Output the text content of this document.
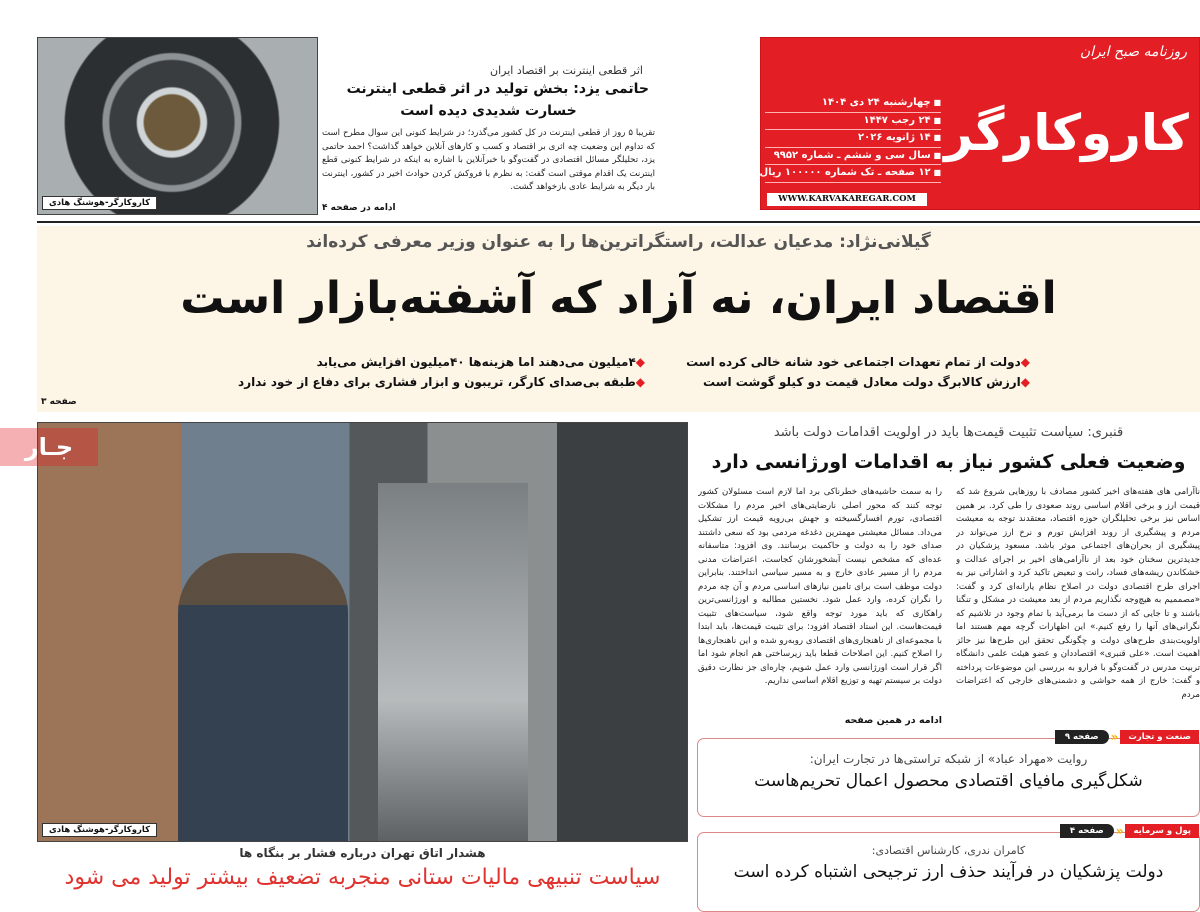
روزنامه صبح ایران
کاروکارگر
■ چهارشنبه ۲۴ دی ۱۴۰۴
■ ۲۴ رجب ۱۴۴۷
■ ۱۴ ژانویه ۲۰۲۶
■ سال سی و ششم ـ شماره ۹۹۵۲
■ ۱۲ صفحه ـ تک شماره ۱۰۰۰۰۰ ریال
WWW.KARVAKAREGAR.COM
کاروکارگر-هوشنگ هادی
اثر قطعی اینترنت بر اقتصاد ایران
حاتمی یزد: بخش تولید در اثر قطعی اینترنت
خسارت شدیدی دیده است
تقریبا ۵ روز از قطعی اینترنت در کل کشور می‌گذرد؛ در شرایط کنونی این سوال مطرح است که تداوم این وضعیت چه اثری بر اقتصاد و کسب و کارهای آنلاین خواهد گذاشت؟ احمد حاتمی یزد، تحلیلگر مسائل اقتصادی در گفت‌وگو با خبرآنلاین با اشاره به اینکه در شرایط کنونی قطع اینترنت یک اقدام موقتی است گفت: به نظرم با فروکش کردن حوادث اخیر در کشور، اینترنت بار دیگر به شرایط عادی بازخواهد گشت.
ادامه در صفحه ۴
گیلانی‌نژاد: مدعیان عدالت، راستگراترین‌ها را به عنوان وزیر معرفی کرده‌اند
اقتصاد ایران، نه آزاد که آشفته‌بازار است
◆دولت از تمام تعهدات اجتماعی خود شانه خالی کرده است
◆ارزش کالابرگ دولت معادل قیمت دو کیلو گوشت است
◆۴میلیون می‌دهند اما هزینه‌ها ۴۰میلیون افزایش می‌یابد
◆طبقه بی‌صدای کارگر، تریبون و ابزار فشاری برای دفاع از خود ندارد
صفحه ۳
کاروکارگر-هوشنگ هادی
جـار
هشدار اتاق تهران درباره فشار بر بنگاه ها
سیاست تنبیهی مالیات ستانی منجربه تضعیف بیشتر تولید می شود
قنبری: سیاست تثبیت قیمت‌ها باید در اولویت اقدامات دولت باشد
وضعیت فعلی کشور نیاز به اقدامات اورژانسی دارد
ناآرامی های هفته‌های اخیر کشور مصادف با روزهایی شروع شد که قیمت ارز و برخی اقلام اساسی روند صعودی را طی کرد. بر همین اساس نیز برخی تحلیلگران حوزه اقتصاد، معتقدند توجه به معیشت مردم و پیشگیری از روند افزایش تورم و نرخ ارز می‌تواند در پیشگیری از بحران‌های اجتماعی موثر باشد. مسعود پزشکیان در جدیدترین سخنان خود بعد از ناآرامی‌های اخیر بر اجرای عدالت و خشکاندن ریشه‌های فساد، رانت و تبعیض تاکید کرد و اشاراتی نیز به اجرای طرح اقتصادی دولت در اصلاح نظام یارانه‌ای کرد و گفت: «مصممیم به هیچ‌وجه نگذاریم مردم از بعد معیشت در مشکل و تنگنا باشند و تا جایی که از دست ما برمی‌آید با تمام وجود در تلاشیم که نگرانی‌های آنها را رفع کنیم.» این اظهارات گرچه مهم هستند اما اولویت‌بندی طرح‌های دولت و چگونگی تحقق این طرح‌ها نیز حائز اهمیت است. «علی قنبری» اقتصاددان و عضو هیئت علمی دانشگاه تربیت مدرس در گفت‌وگو با فرارو به بررسی این موضوعات پرداخته و گفت: خارج از همه حواشی و دشمنی‌های خارجی که اعتراضات مردم
را به سمت حاشیه‌های خطرناکی برد اما لازم است مسئولان کشور توجه کنند که محور اصلی نارضایتی‌های اخیر مردم را مشکلات اقتصادی، تورم افسارگسیخته و جهش بی‌رویه قیمت ارز تشکیل می‌داد. مسائل معیشتی مهمترین دغدغه مردمی بود که سعی داشتند صدای خود را به دولت و حاکمیت برسانند. وی افزود: متاسفانه عده‌ای که مشخص نیست آبشخورشان کجاست، اعتراضات مدنی مردم را از مسیر عادی خارج و به مسیر سیاسی انداختند. بنابراین دولت موظف است برای تامین نیازهای اساسی مردم و آن چه مردم را نگران کرده، وارد عمل شود. نخستین مطالبه و اورژانسی‌ترین راهکاری که باید مورد توجه واقع شود، سیاست‌های تثبیت قیمت‌هاست. این استاد اقتصاد افزود: برای تثبیت قیمت‌ها، باید ابتدا با مجموعه‌ای از ناهنجاری‌های اقتصادی روبه‌رو شده و این ناهنجاری‌ها را اصلاح کنیم. این اصلاحات قطعا باید زیرساختی هم انجام شود اما اگر قرار است اورژانسی وارد عمل شویم، چاره‌ای جز نظارت دقیق دولت بر سیستم تهیه و توزیع اقلام اساسی نداریم.
ادامه در همین صفحه
صنعت و تجارت
«
صفحه ۹
روایت «مهراد عباد» از شبکه تراستی‌ها در تجارت ایران:
شکل‌گیری مافیای اقتصادی محصول اعمال تحریم‌هاست
پول و سرمایه
«
صفحه ۴
کامران ندری، کارشناس اقتصادی:
دولت پزشکیان در فرآیند حذف ارز ترجیحی اشتباه کرده است
